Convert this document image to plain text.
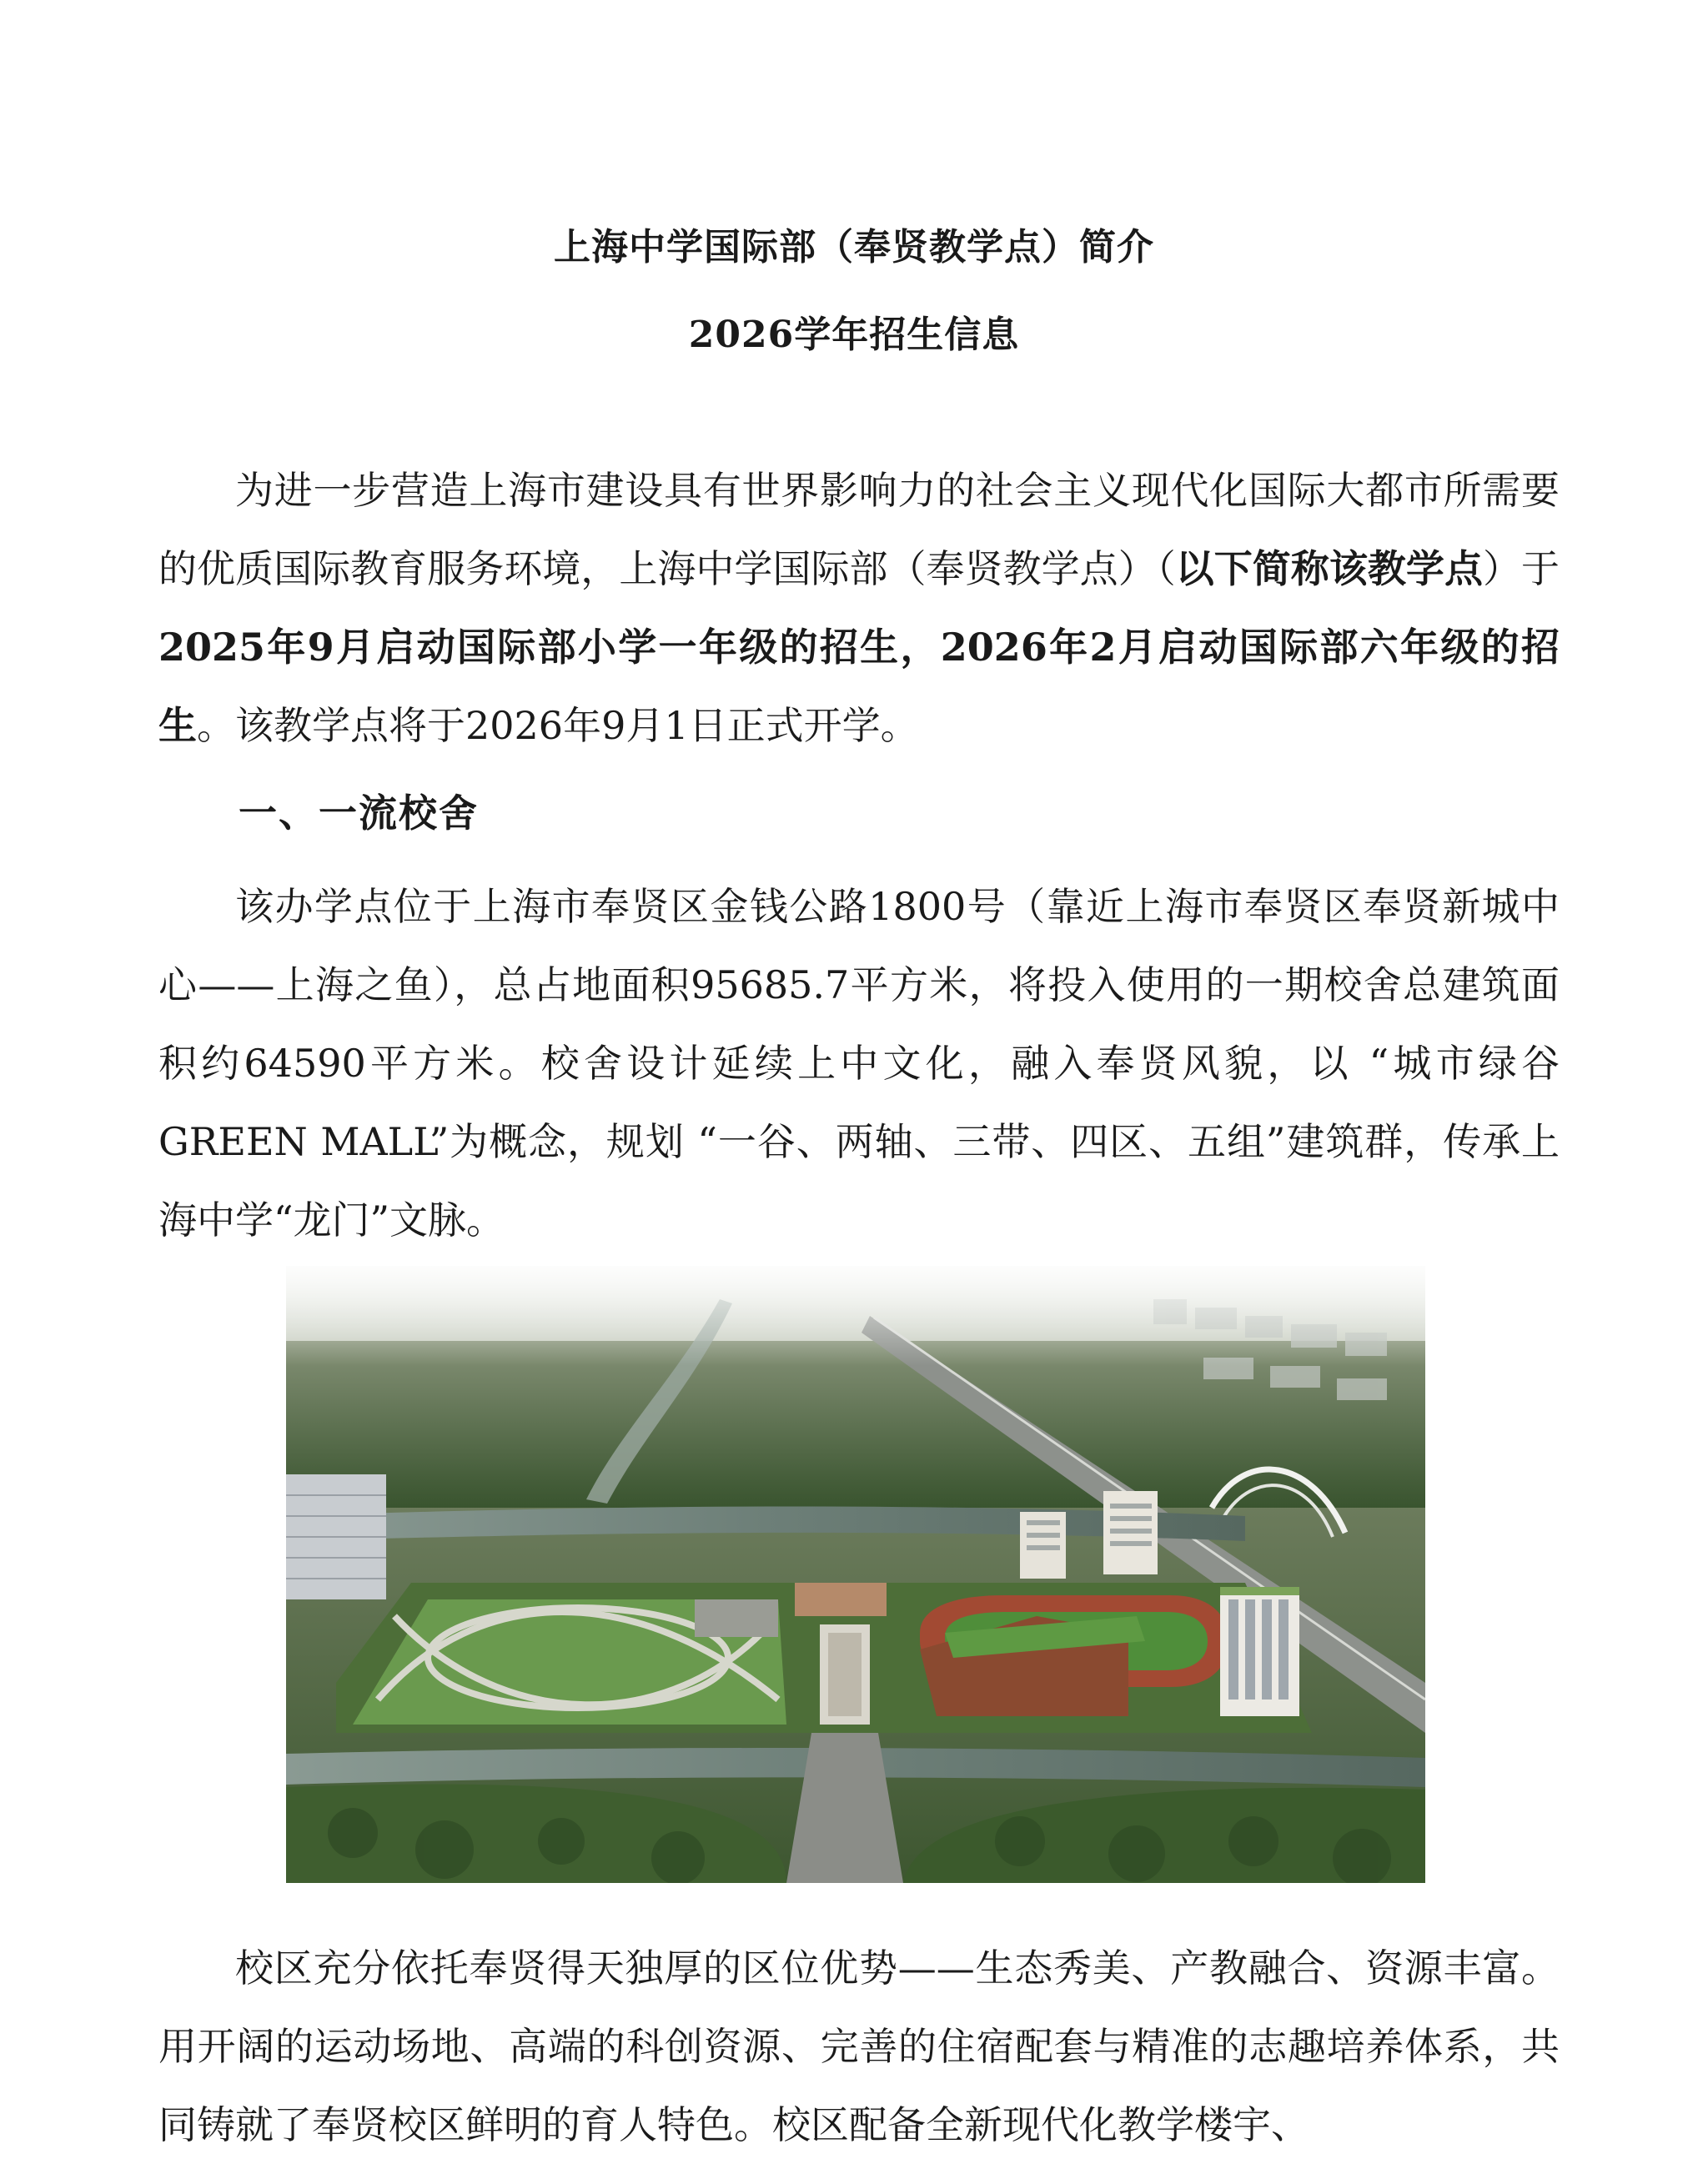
上海中学国际部（奉贤教学点）简介
2026学年招生信息

为进一步营造上海市建设具有世界影响力的社会主义现代化国际大都市所需要的优质国际教育服务环境，上海中学国际部（奉贤教学点）（以下简称该教学点）于2025年9月启动国际部小学一年级的招生，2026年2月启动国际部六年级的招生。该教学点将于2026年9月1日正式开学。

一、一流校舍

该办学点位于上海市奉贤区金钱公路1800号（靠近上海市奉贤区奉贤新城中心——上海之鱼），总占地面积95685.7平方米，将投入使用的一期校舍总建筑面积约64590平方米。校舍设计延续上中文化，融入奉贤风貌，以 “城市绿谷 GREEN MALL”为概念，规划 “一谷、两轴、三带、四区、五组”建筑群，传承上海中学“龙门”文脉。

校区充分依托奉贤得天独厚的区位优势——生态秀美、产教融合、资源丰富。用开阔的运动场地、高端的科创资源、完善的住宿配套与精准的志趣培养体系，共同铸就了奉贤校区鲜明的育人特色。校区配备全新现代化教学楼宇、
